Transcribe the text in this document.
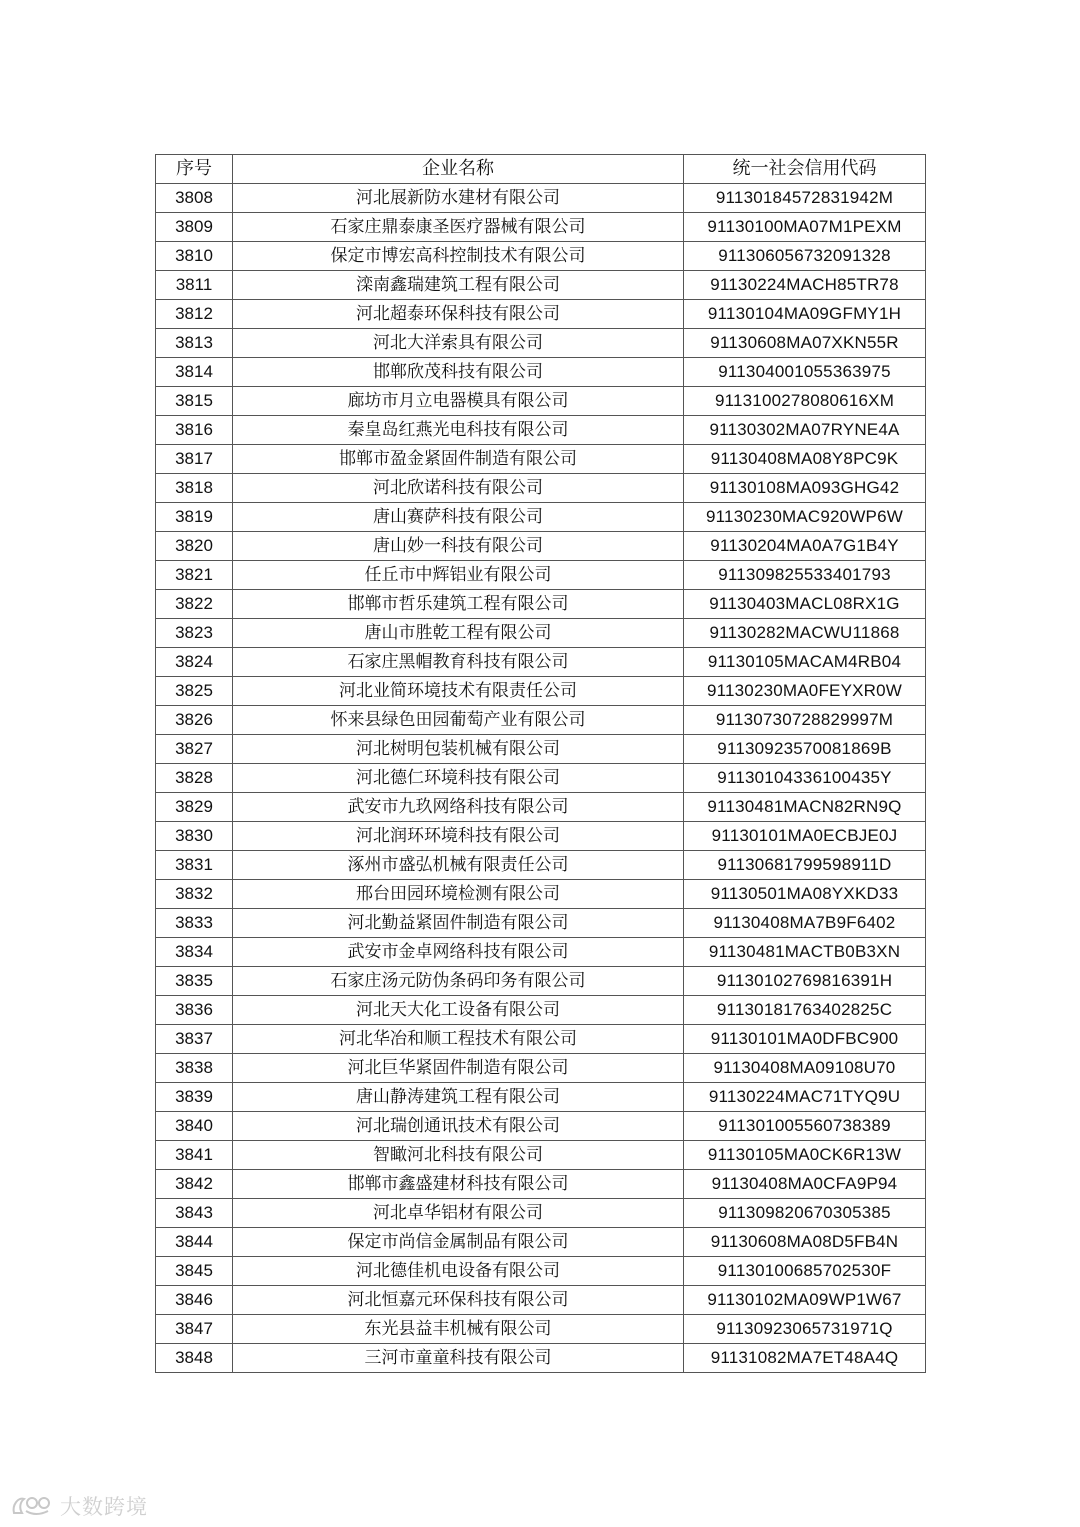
序号	企业名称	统一社会信用代码
3808	河北展新防水建材有限公司	91130184572831942M
3809	石家庄鼎泰康圣医疗器械有限公司	91130100MA07M1PEXM
3810	保定市博宏高科控制技术有限公司	911306056732091328
3811	滦南鑫瑞建筑工程有限公司	91130224MACH85TR78
3812	河北超泰环保科技有限公司	91130104MA09GFMY1H
3813	河北大洋索具有限公司	91130608MA07XKN55R
3814	邯郸欣茂科技有限公司	911304001055363975
3815	廊坊市月立电器模具有限公司	911310027808061​6XM
3816	秦皇岛红燕光电科技有限公司	91130302MA07RYNE4A
3817	邯郸市盈金紧固件制造有限公司	91130408MA08Y8PC9K
3818	河北欣诺科技有限公司	91130108MA093GHG42
3819	唐山赛萨科技有限公司	91130230MAC920WP6W
3820	唐山妙一科技有限公司	91130204MA0A7G1B4Y
3821	任丘市中辉铝业有限公司	911309825533401793
3822	邯郸市哲乐建筑工程有限公司	91130403MACL08RX1G
3823	唐山市胜乾工程有限公司	91130282MACWU11868
3824	石家庄黑帽教育科技有限公司	91130105MACAM4RB04
3825	河北业简环境技术有限责任公司	91130230MA0FEYXR0W
3826	怀来县绿色田园葡萄产业有限公司	91130730728829997M
3827	河北树明包装机械有限公司	91130923570081869B
3828	河北德仁环境科技有限公司	91130104336100435Y
3829	武安市九玖网络科技有限公司	91130481MACN82RN9Q
3830	河北润环环境科技有限公司	91130101MA0ECBJE0J
3831	涿州市盛弘机械有限责任公司	91130681799598911D
3832	邢台田园环境检测有限公司	91130501MA08YXKD33
3833	河北勤益紧固件制造有限公司	91130408MA7B9F6402
3834	武安市金卓网络科技有限公司	91130481MACTB0B3XN
3835	石家庄汤元防伪条码印务有限公司	91130102769816391H
3836	河北天大化工设备有限公司	91130181763402825C
3837	河北华冶和顺工程技术有限公司	91130101MA0DFBC900
3838	河北巨华紧固件制造有限公司	91130408MA09108U70
3839	唐山静涛建筑工程有限公司	91130224MAC71TYQ9U
3840	河北瑞创通讯技术有限公司	911301005560738389
3841	智瞰河北科技有限公司	91130105MA0CK6R13W
3842	邯郸市鑫盛建材科技有限公司	91130408MA0CFA9P94
3843	河北卓华铝材有限公司	911309820670305385
3844	保定市尚信金属制品有限公司	91130608MA08D5FB4N
3845	河北德佳机电设备有限公司	91130100685702530F
3846	河北恒嘉元环保科技有限公司	91130102MA09WP1W67
3847	东光县益丰机械有限公司	91130923065731971Q
3848	三河市童童科技有限公司	91131082MA7ET48A4Q
大数跨境
